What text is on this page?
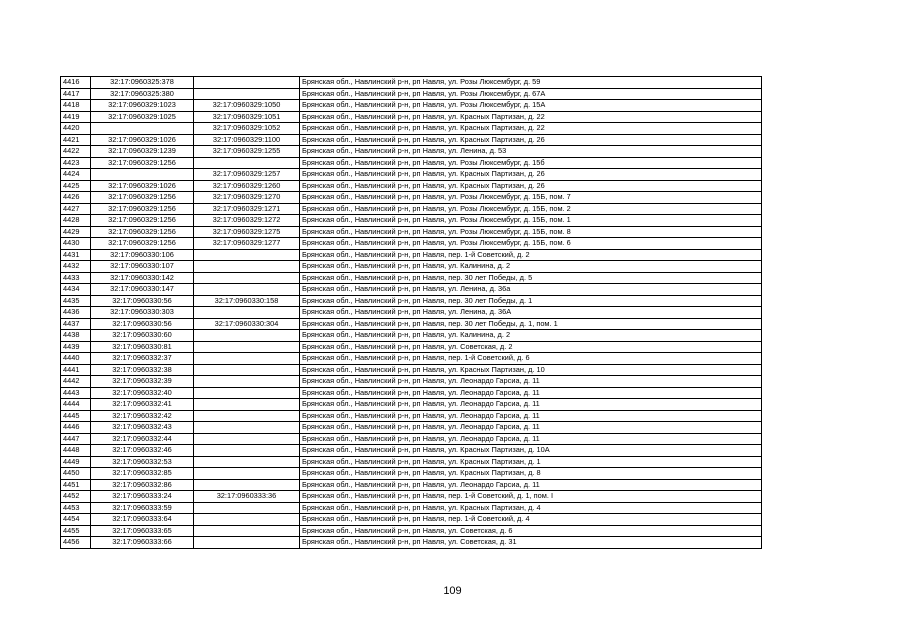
4416	32:17:0960325:378		Брянская обл., Навлинский р-н, рп Навля, ул. Розы Люксембург, д. 59
4417	32:17:0960325:380		Брянская обл., Навлинский р-н, рп Навля, ул. Розы Люксембург, д. 67А
4418	32:17:0960329:1023	32:17:0960329:1050	Брянская обл., Навлинский р-н, рп Навля, ул. Розы Люксембург, д. 15А
4419	32:17:0960329:1025	32:17:0960329:1051	Брянская обл., Навлинский р-н, рп Навля, ул. Красных Партизан, д. 22
4420		32:17:0960329:1052	Брянская обл., Навлинский р-н, рп Навля, ул. Красных Партизан, д. 22
4421	32:17:0960329:1026	32:17:0960329:1100	Брянская обл., Навлинский р-н, рп Навля, ул. Красных Партизан, д. 26
4422	32:17:0960329:1239	32:17:0960329:1255	Брянская обл., Навлинский р-н, рп Навля, ул. Ленина, д. 53
4423	32:17:0960329:1256		Брянская обл., Навлинский р-н, рп Навля, ул. Розы Люксембург, д. 15б
4424		32:17:0960329:1257	Брянская обл., Навлинский р-н, рп Навля, ул. Красных Партизан, д. 26
4425	32:17:0960329:1026	32:17:0960329:1260	Брянская обл., Навлинский р-н, рп Навля, ул. Красных Партизан, д. 26
4426	32:17:0960329:1256	32:17:0960329:1270	Брянская обл., Навлинский р-н, рп Навля, ул. Розы Люксембург, д. 15Б, пом. 7
4427	32:17:0960329:1256	32:17:0960329:1271	Брянская обл., Навлинский р-н, рп Навля, ул. Розы Люксембург, д. 15Б, пом. 2
4428	32:17:0960329:1256	32:17:0960329:1272	Брянская обл., Навлинский р-н, рп Навля, ул. Розы Люксембург, д. 15Б, пом. 1
4429	32:17:0960329:1256	32:17:0960329:1275	Брянская обл., Навлинский р-н, рп Навля, ул. Розы Люксембург, д. 15Б, пом. 8
4430	32:17:0960329:1256	32:17:0960329:1277	Брянская обл., Навлинский р-н, рп Навля, ул. Розы Люксембург, д. 15Б, пом. 6
4431	32:17:0960330:106		Брянская обл., Навлинский р-н, рп Навля, пер. 1-й Советский, д. 2
4432	32:17:0960330:107		Брянская обл., Навлинский р-н, рп Навля, ул. Калинина, д. 2
4433	32:17:0960330:142		Брянская обл., Навлинский р-н, рп Навля, пер. 30 лет Победы, д. 5
4434	32:17:0960330:147		Брянская обл., Навлинский р-н, рп Навля, ул. Ленина, д. 36а
4435	32:17:0960330:56	32:17:0960330:158	Брянская обл., Навлинский р-н, рп Навля, пер. 30 лет Победы, д. 1
4436	32:17:0960330:303		Брянская обл., Навлинский р-н, рп Навля, ул. Ленина, д. 36А
4437	32:17:0960330:56	32:17:0960330:304	Брянская обл., Навлинский р-н, рп Навля, пер. 30 лет Победы, д. 1, пом. 1
4438	32:17:0960330:60		Брянская обл., Навлинский р-н, рп Навля, ул. Калинина, д. 2
4439	32:17:0960330:81		Брянская обл., Навлинский р-н, рп Навля, ул. Советская, д. 2
4440	32:17:0960332:37		Брянская обл., Навлинский р-н, рп Навля, пер. 1-й Советский, д. 6
4441	32:17:0960332:38		Брянская обл., Навлинский р-н, рп Навля, ул. Красных Партизан, д. 10
4442	32:17:0960332:39		Брянская обл., Навлинский р-н, рп Навля, ул. Леонардо Гарсиа, д. 11
4443	32:17:0960332:40		Брянская обл., Навлинский р-н, рп Навля, ул. Леонардо Гарсиа, д. 11
4444	32:17:0960332:41		Брянская обл., Навлинский р-н, рп Навля, ул. Леонардо Гарсиа, д. 11
4445	32:17:0960332:42		Брянская обл., Навлинский р-н, рп Навля, ул. Леонардо Гарсиа, д. 11
4446	32:17:0960332:43		Брянская обл., Навлинский р-н, рп Навля, ул. Леонардо Гарсиа, д. 11
4447	32:17:0960332:44		Брянская обл., Навлинский р-н, рп Навля, ул. Леонардо Гарсиа, д. 11
4448	32:17:0960332:46		Брянская обл., Навлинский р-н, рп Навля, ул. Красных Партизан, д. 10А
4449	32:17:0960332:53		Брянская обл., Навлинский р-н, рп Навля, ул. Красных Партизан, д. 1
4450	32:17:0960332:85		Брянская обл., Навлинский р-н, рп Навля, ул. Красных Партизан, д. 8
4451	32:17:0960332:86		Брянская обл., Навлинский р-н, рп Навля, ул. Леонардо Гарсиа, д. 11
4452	32:17:0960333:24	32:17:0960333:36	Брянская обл., Навлинский р-н, рп Навля, пер. 1-й Советский, д. 1, пом. I
4453	32:17:0960333:59		Брянская обл., Навлинский р-н, рп Навля, ул. Красных Партизан, д. 4
4454	32:17:0960333:64		Брянская обл., Навлинский р-н, рп Навля, пер. 1-й Советский, д. 4
4455	32:17:0960333:65		Брянская обл., Навлинский р-н, рп Навля, ул. Советская, д. 6
4456	32:17:0960333:66		Брянская обл., Навлинский р-н, рп Навля, ул. Советская, д. 31
109
